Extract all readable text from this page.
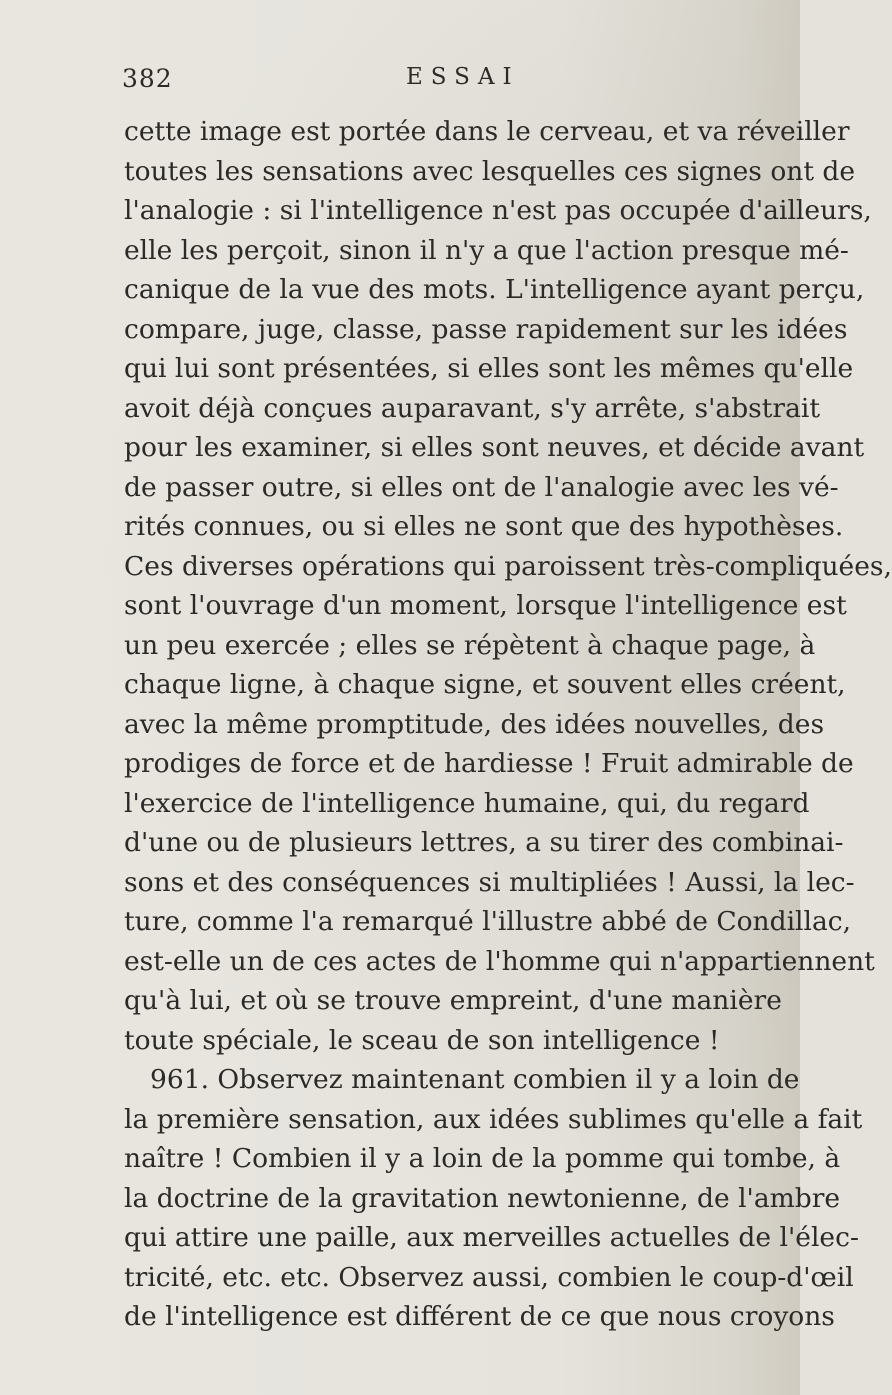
382	ESSAI
cette image est portée dans le cerveau, et va réveiller
toutes les sensations avec lesquelles ces signes ont de
l'analogie : si l'intelligence n'est pas occupée d'ailleurs,
elle les perçoit, sinon il n'y a que l'action presque mé-
canique de la vue des mots. L'intelligence ayant perçu,
compare, juge, classe, passe rapidement sur les idées
qui lui sont présentées, si elles sont les mêmes qu'elle
avoit déjà conçues auparavant, s'y arrête, s'abstrait
pour les examiner, si elles sont neuves, et décide avant
de passer outre, si elles ont de l'analogie avec les vé-
rités connues, ou si elles ne sont que des hypothèses.
Ces diverses opérations qui paroissent très-compliquées,
sont l'ouvrage d'un moment, lorsque l'intelligence est
un peu exercée ; elles se répètent à chaque page, à
chaque ligne, à chaque signe, et souvent elles créent,
avec la même promptitude, des idées nouvelles, des
prodiges de force et de hardiesse ! Fruit admirable de
l'exercice de l'intelligence humaine, qui, du regard
d'une ou de plusieurs lettres, a su tirer des combinai-
sons et des conséquences si multipliées ! Aussi, la lec-
ture, comme l'a remarqué l'illustre abbé de Condillac,
est-elle un de ces actes de l'homme qui n'appartiennent
qu'à lui, et où se trouve empreint, d'une manière
toute spéciale, le sceau de son intelligence !
961. Observez maintenant combien il y a loin de
la première sensation, aux idées sublimes qu'elle a fait
naître ! Combien il y a loin de la pomme qui tombe, à
la doctrine de la gravitation newtonienne, de l'ambre
qui attire une paille, aux merveilles actuelles de l'élec-
tricité, etc. etc. Observez aussi, combien le coup-d'œil
de l'intelligence est différent de ce que nous croyons
